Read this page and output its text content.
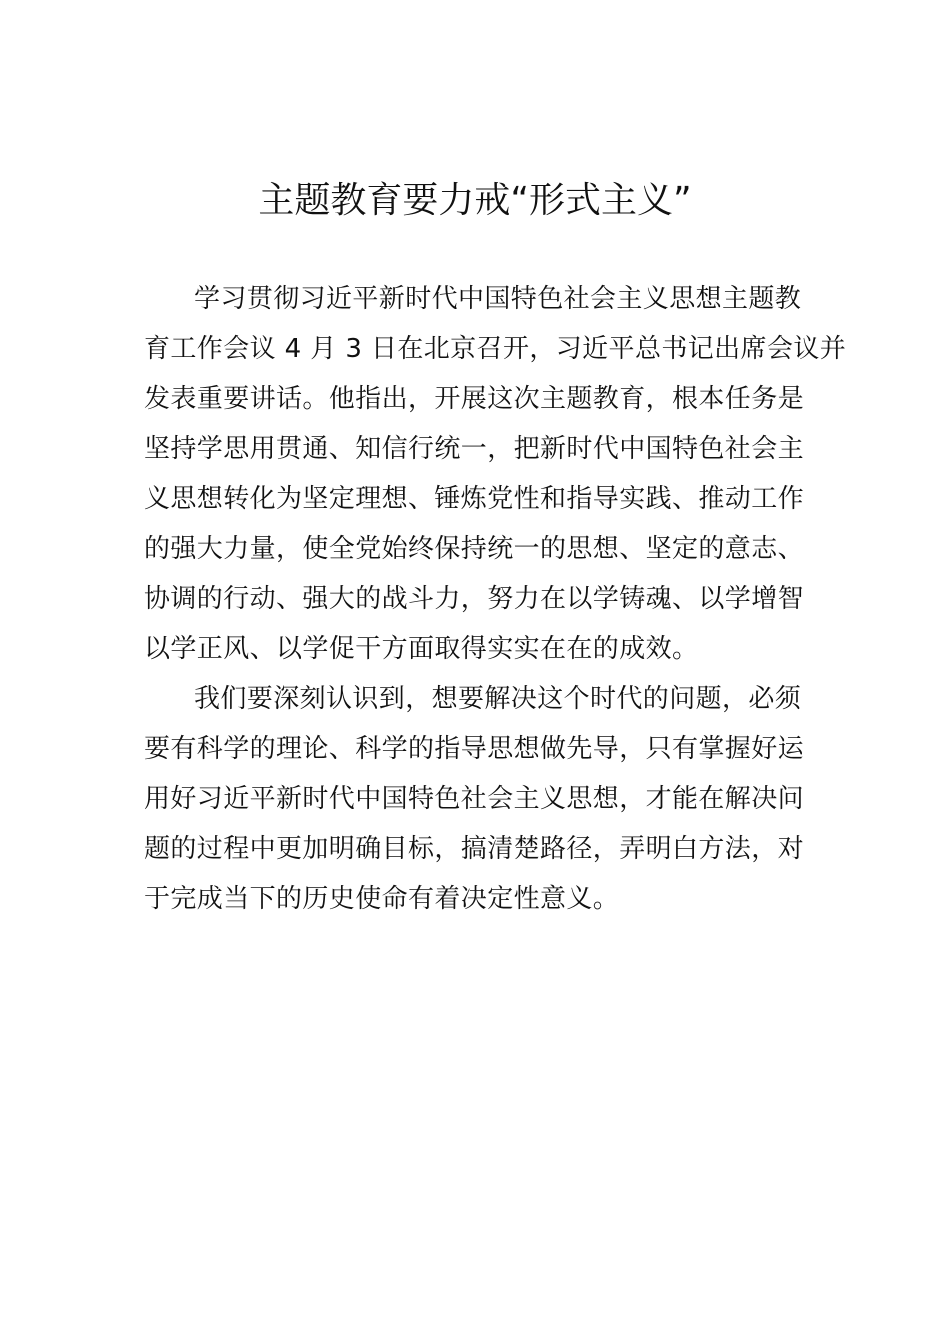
主题教育要力戒“形式主义”
学习贯彻习近平新时代中国特色社会主义思想主题教
育工作会议 4 月 3 日在北京召开，习近平总书记出席会议并
发表重要讲话。他指出，开展这次主题教育，根本任务是
坚持学思用贯通、知信行统一，把新时代中国特色社会主
义思想转化为坚定理想、锤炼党性和指导实践、推动工作
的强大力量，使全党始终保持统一的思想、坚定的意志、
协调的行动、强大的战斗力，努力在以学铸魂、以学增智
以学正风、以学促干方面取得实实在在的成效。
我们要深刻认识到，想要解决这个时代的问题，必须
要有科学的理论、科学的指导思想做先导，只有掌握好运
用好习近平新时代中国特色社会主义思想，才能在解决问
题的过程中更加明确目标，搞清楚路径，弄明白方法，对
于完成当下的历史使命有着决定性意义。
